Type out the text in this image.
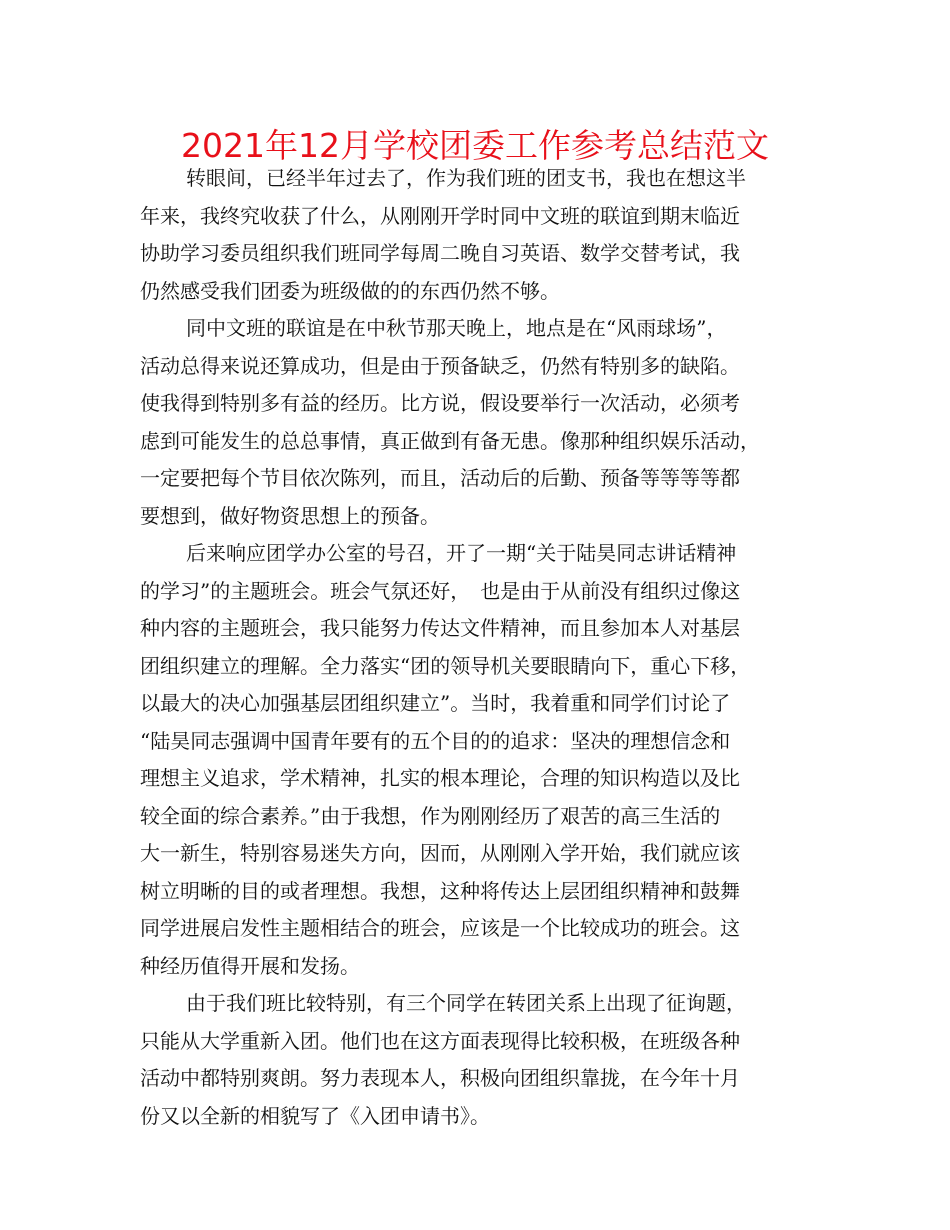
2021年12月学校团委工作参考总结范文
转眼间，已经半年过去了，作为我们班的团支书，我也在想这半
年来，我终究收获了什么，从刚刚开学时同中文班的联谊到期末临近
协助学习委员组织我们班同学每周二晚自习英语、数学交替考试，我
仍然感受我们团委为班级做的的东西仍然不够。
同中文班的联谊是在中秋节那天晚上，地点是在“风雨球场”，
活动总得来说还算成功，但是由于预备缺乏，仍然有特别多的缺陷。
使我得到特别多有益的经历。比方说，假设要举行一次活动，必须考
虑到可能发生的总总事情，真正做到有备无患。像那种组织娱乐活动，
一定要把每个节目依次陈列，而且，活动后的后勤、预备等等等等都
要想到，做好物资思想上的预备。
后来响应团学办公室的号召，开了一期“关于陆昊同志讲话精神
的学习”的主题班会。班会气氛还好，　也是由于从前没有组织过像这
种内容的主题班会，我只能努力传达文件精神，而且参加本人对基层
团组织建立的理解。全力落实“团的领导机关要眼睛向下，重心下移，
以最大的决心加强基层团组织建立”。当时，我着重和同学们讨论了
“陆昊同志强调中国青年要有的五个目的的追求：坚决的理想信念和
理想主义追求，学术精神，扎实的根本理论，合理的知识构造以及比
较全面的综合素养。”由于我想，作为刚刚经历了艰苦的高三生活的
大一新生，特别容易迷失方向，因而，从刚刚入学开始，我们就应该
树立明晰的目的或者理想。我想，这种将传达上层团组织精神和鼓舞
同学进展启发性主题相结合的班会，应该是一个比较成功的班会。这
种经历值得开展和发扬。
由于我们班比较特别，有三个同学在转团关系上出现了征询题，
只能从大学重新入团。他们也在这方面表现得比较积极，在班级各种
活动中都特别爽朗。努力表现本人，积极向团组织靠拢，在今年十月
份又以全新的相貌写了《入团申请书》。
